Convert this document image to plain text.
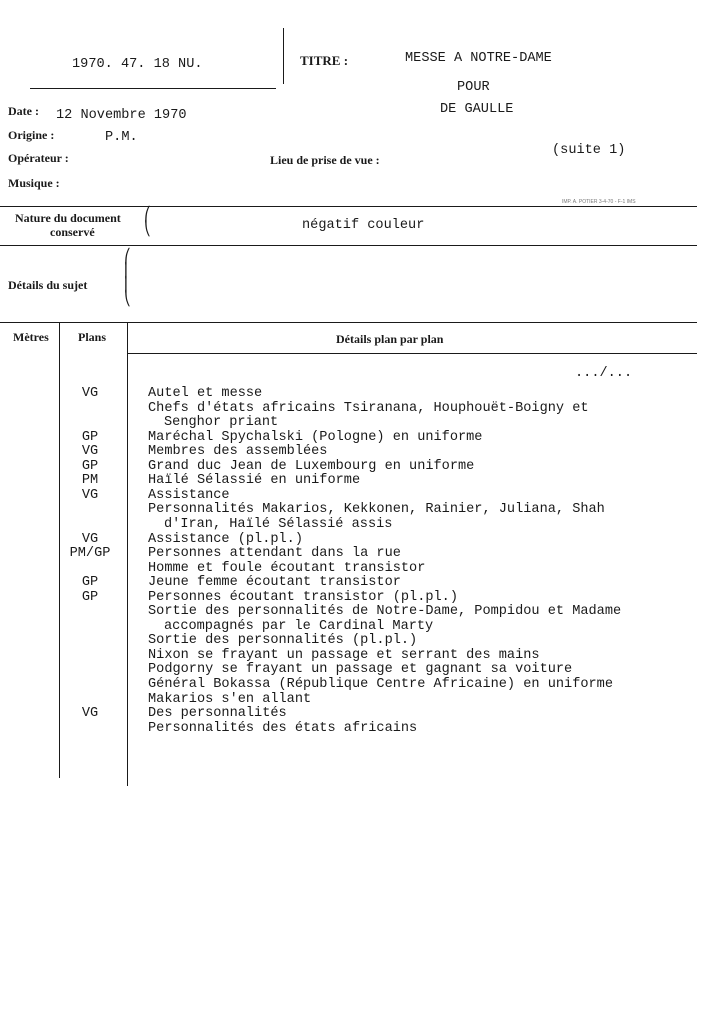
1970. 47. 18 NU.	TITRE :	MESSE A NOTRE-DAME
POUR
DE GAULLE
Date : 12 Novembre 1970
Origine :	P.M.
(suite 1)
Opérateur :	Lieu de prise de vue :
Musique :
IMP. A. POTIER 3-4-70 - F-1 IMS
Nature du document
conservé
⎛
⎝	négatif couleur
Détails du sujet
⎛
⎜
⎜
⎝
Mètres Plans	Détails plan par plan
.../...
VG	Autel et messe
Chefs d'états africains Tsiranana, Houphouët-Boigny et
Senghor priant
GP	Maréchal Spychalski (Pologne) en uniforme
VG	Membres des assemblées
GP	Grand duc Jean de Luxembourg en uniforme
PM	Haïlé Sélassié en uniforme
VG	Assistance
Personnalités Makarios, Kekkonen, Rainier, Juliana, Shah
d'Iran, Haïlé Sélassié assis
VG	Assistance (pl.pl.)
PM/GP	Personnes attendant dans la rue
Homme et foule écoutant transistor
GP	Jeune femme écoutant transistor
GP	Personnes écoutant transistor (pl.pl.)
Sortie des personnalités de Notre-Dame, Pompidou et Madame
accompagnés par le Cardinal Marty
Sortie des personnalités (pl.pl.)
Nixon se frayant un passage et serrant des mains
Podgorny se frayant un passage et gagnant sa voiture
Général Bokassa (République Centre Africaine) en uniforme
Makarios s'en allant
VG	Des personnalités
Personnalités des états africains
